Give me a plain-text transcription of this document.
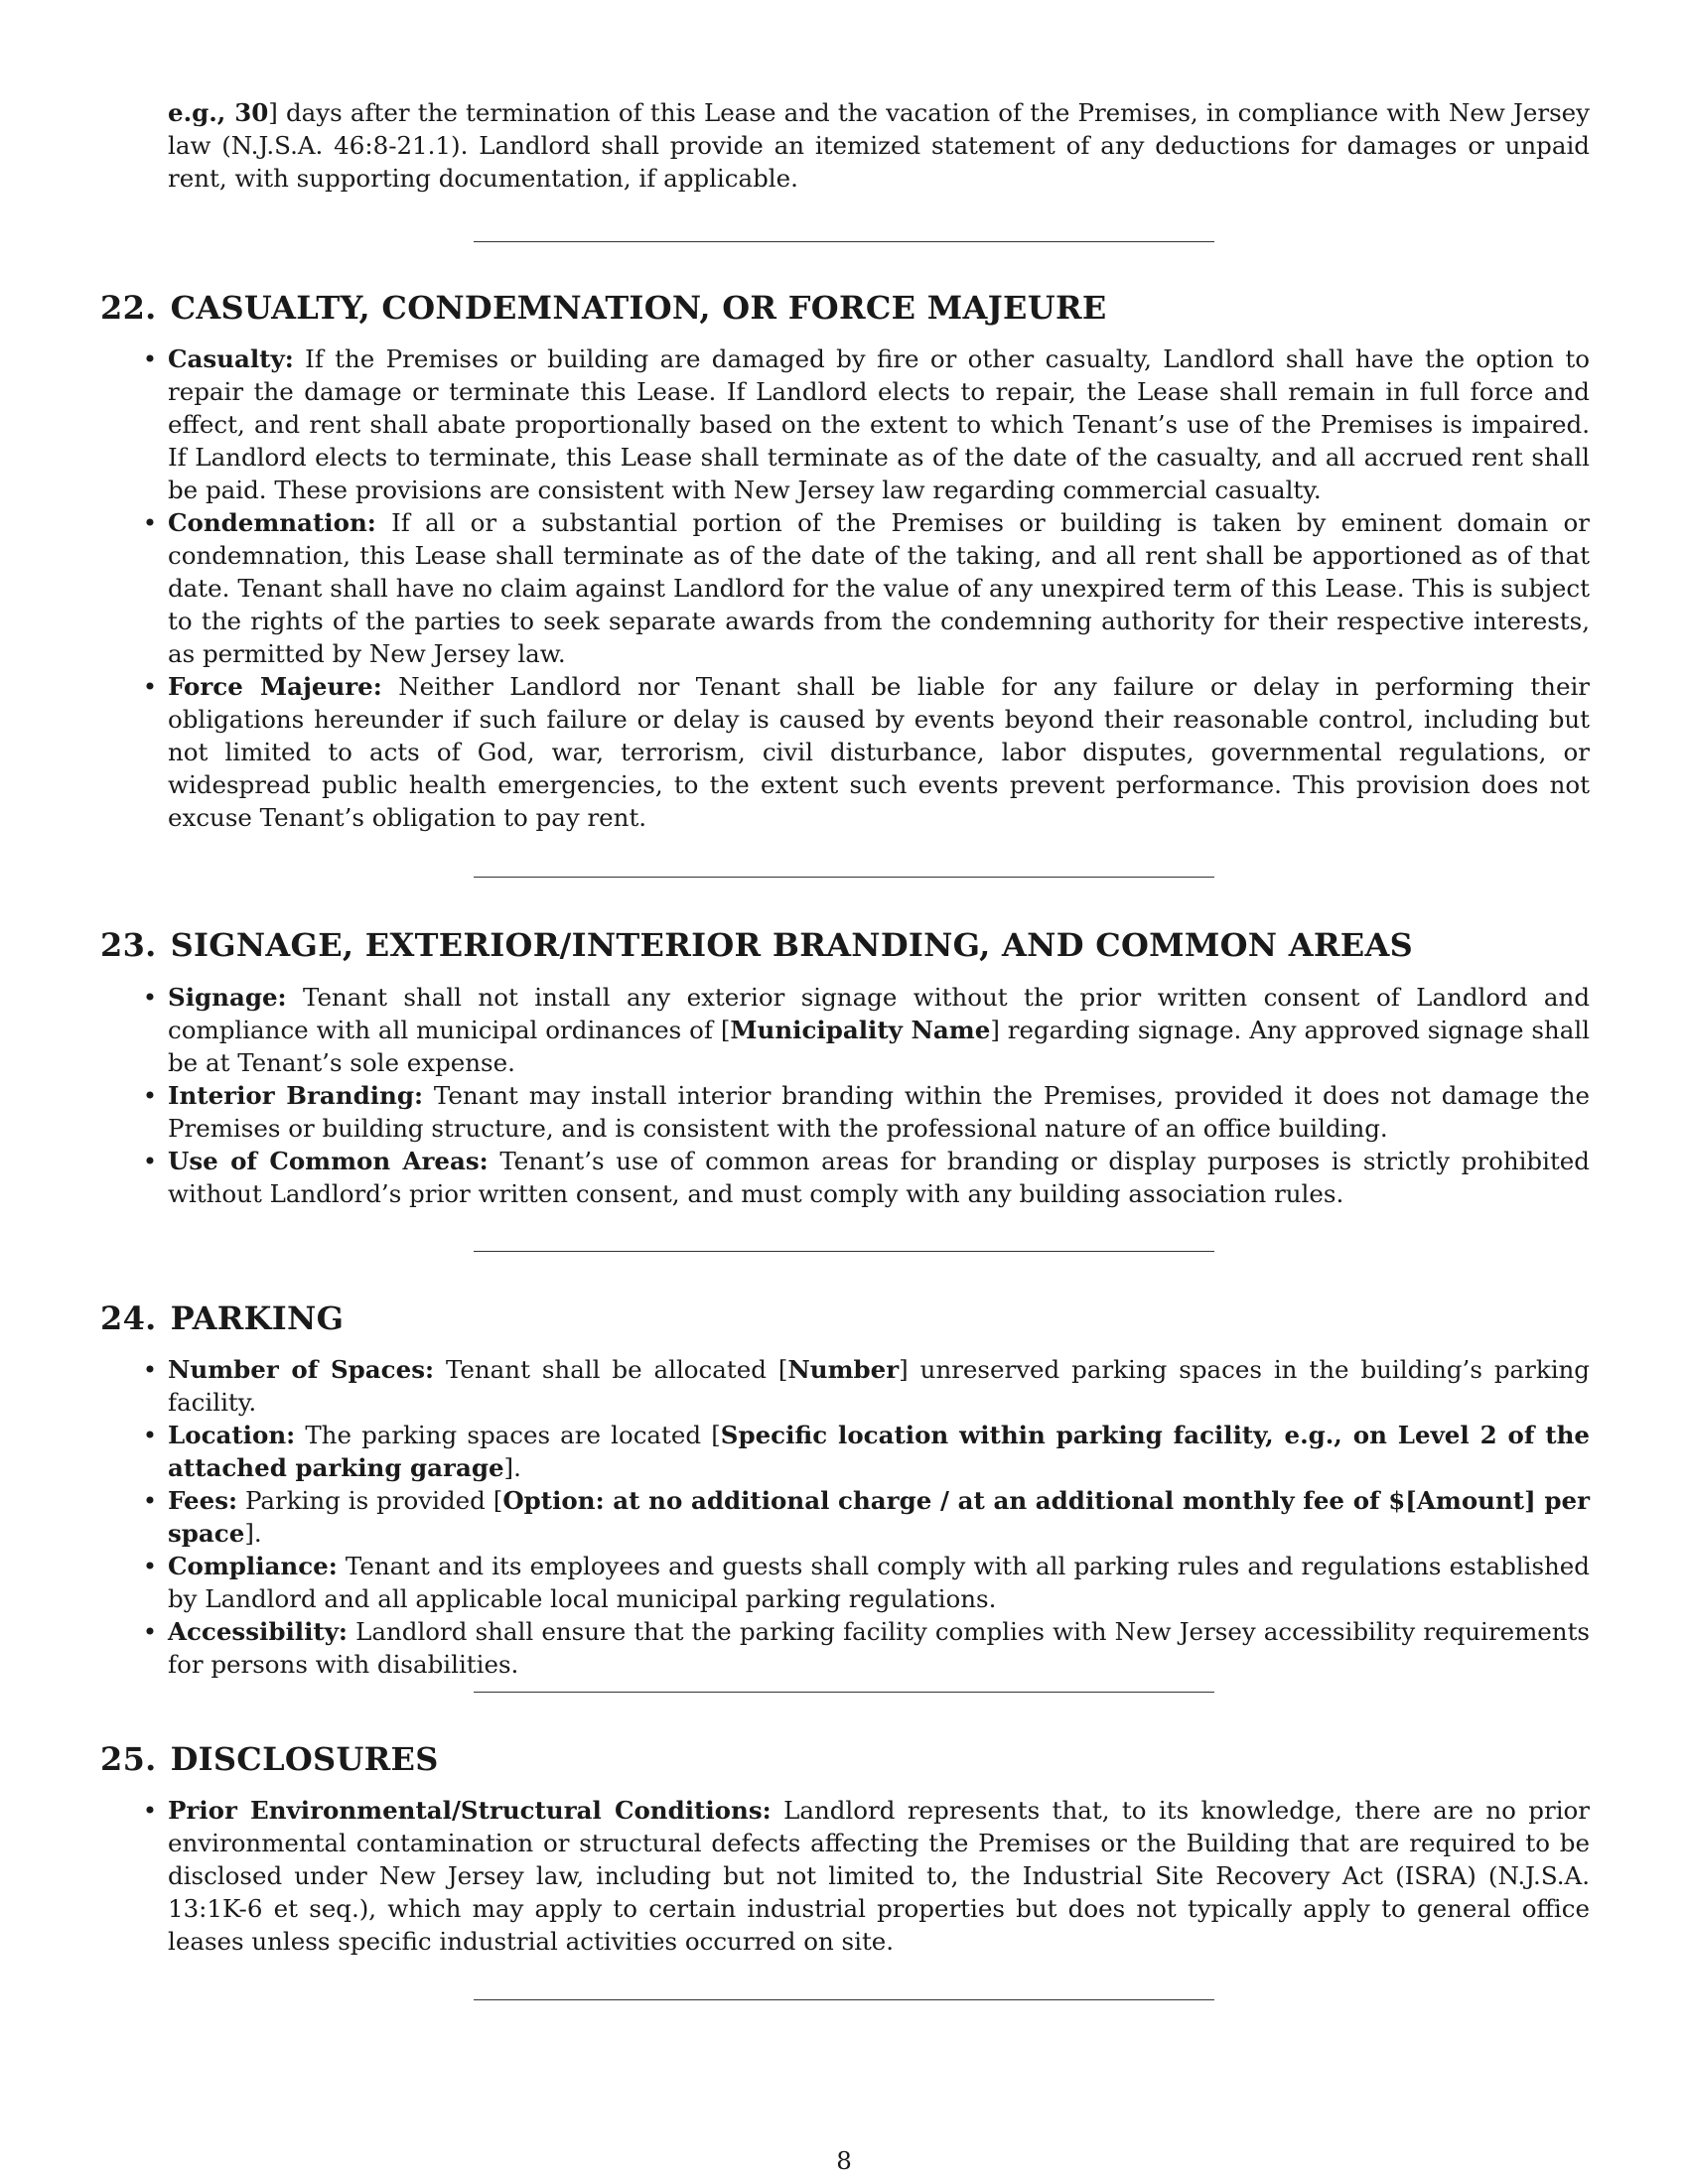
e.g., 30] days after the termination of this Lease and the vacation of the Premises, in compliance with New Jersey law (N.J.S.A. 46:8-21.1). Landlord shall provide an itemized statement of any deductions for damages or unpaid rent, with supporting documentation, if applicable.

22. CASUALTY, CONDEMNATION, OR FORCE MAJEURE
• Casualty: If the Premises or building are damaged by fire or other casualty, Landlord shall have the option to repair the damage or terminate this Lease. If Landlord elects to repair, the Lease shall remain in full force and effect, and rent shall abate proportionally based on the extent to which Tenant’s use of the Premises is impaired. If Landlord elects to terminate, this Lease shall terminate as of the date of the casualty, and all accrued rent shall be paid. These provisions are consistent with New Jersey law regarding commercial casualty.
• Condemnation: If all or a substantial portion of the Premises or building is taken by eminent domain or condemnation, this Lease shall terminate as of the date of the taking, and all rent shall be apportioned as of that date. Tenant shall have no claim against Landlord for the value of any unexpired term of this Lease. This is subject to the rights of the parties to seek separate awards from the condemning authority for their respective interests, as permitted by New Jersey law.
• Force Majeure: Neither Landlord nor Tenant shall be liable for any failure or delay in performing their obligations hereunder if such failure or delay is caused by events beyond their reasonable control, including but not limited to acts of God, war, terrorism, civil disturbance, labor disputes, governmental regulations, or widespread public health emergencies, to the extent such events prevent performance. This provision does not excuse Tenant’s obligation to pay rent.
23. SIGNAGE, EXTERIOR/INTERIOR BRANDING, AND COMMON AREAS
• Signage: Tenant shall not install any exterior signage without the prior written consent of Landlord and compliance with all municipal ordinances of [Municipality Name] regarding signage. Any approved signage shall be at Tenant’s sole expense.
• Interior Branding: Tenant may install interior branding within the Premises, provided it does not damage the Premises or building structure, and is consistent with the professional nature of an office building.
• Use of Common Areas: Tenant’s use of common areas for branding or display purposes is strictly prohibited without Landlord’s prior written consent, and must comply with any building association rules.
24. PARKING
• Number of Spaces: Tenant shall be allocated [Number] unreserved parking spaces in the building’s parking facility.
• Location: The parking spaces are located [Specific location within parking facility, e.g., on Level 2 of the attached parking garage].
• Fees: Parking is provided [Option: at no additional charge / at an additional monthly fee of $[Amount] per space].
• Compliance: Tenant and its employees and guests shall comply with all parking rules and regulations established by Landlord and all applicable local municipal parking regulations.
• Accessibility: Landlord shall ensure that the parking facility complies with New Jersey accessibility requirements for persons with disabilities.
25. DISCLOSURES
• Prior Environmental/Structural Conditions: Landlord represents that, to its knowledge, there are no prior environmental contamination or structural defects affecting the Premises or the Building that are required to be disclosed under New Jersey law, including but not limited to, the Industrial Site Recovery Act (ISRA) (N.J.S.A. 13:1K-6 et seq.), which may apply to certain industrial properties but does not typically apply to general office leases unless specific industrial activities occurred on site.
8
